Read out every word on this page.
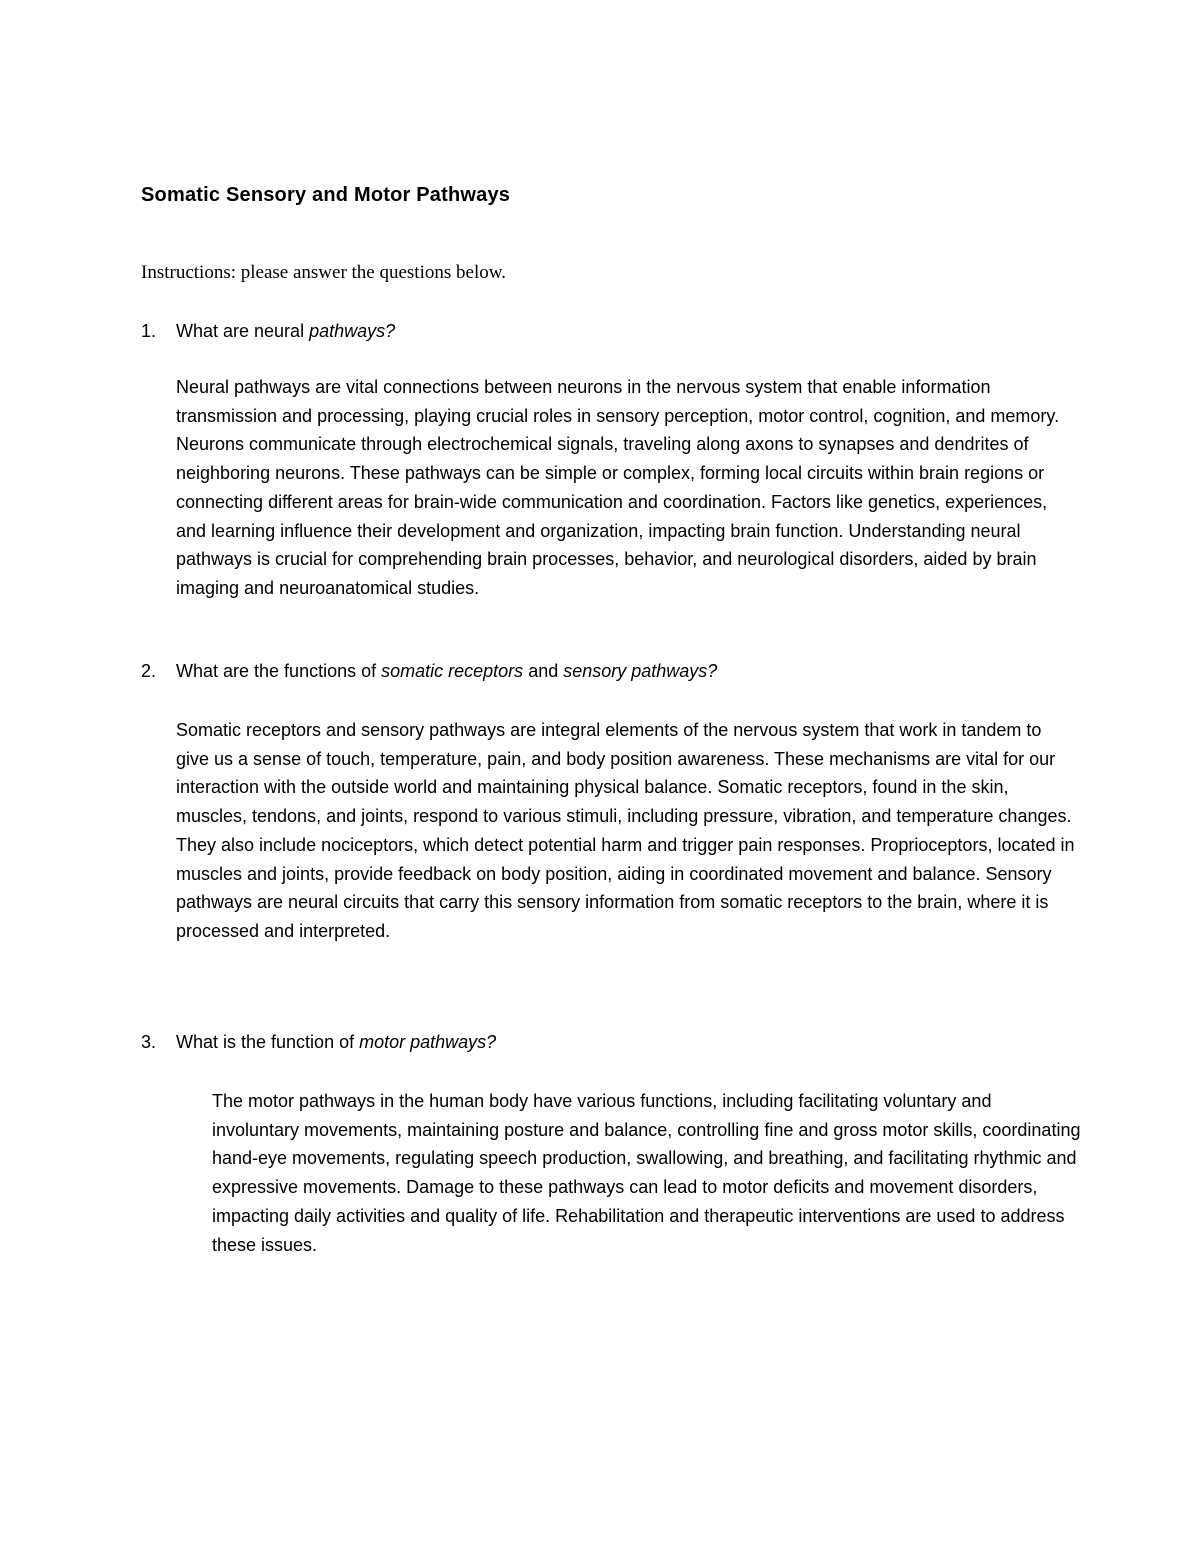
Somatic Sensory and Motor Pathways

Instructions: please answer the questions below.

1. What are neural pathways?

Neural pathways are vital connections between neurons in the nervous system that enable information transmission and processing, playing crucial roles in sensory perception, motor control, cognition, and memory. Neurons communicate through electrochemical signals, traveling along axons to synapses and dendrites of neighboring neurons. These pathways can be simple or complex, forming local circuits within brain regions or connecting different areas for brain-wide communication and coordination. Factors like genetics, experiences, and learning influence their development and organization, impacting brain function. Understanding neural pathways is crucial for comprehending brain processes, behavior, and neurological disorders, aided by brain imaging and neuroanatomical studies.

2. What are the functions of somatic receptors and sensory pathways?

Somatic receptors and sensory pathways are integral elements of the nervous system that work in tandem to give us a sense of touch, temperature, pain, and body position awareness. These mechanisms are vital for our interaction with the outside world and maintaining physical balance. Somatic receptors, found in the skin, muscles, tendons, and joints, respond to various stimuli, including pressure, vibration, and temperature changes. They also include nociceptors, which detect potential harm and trigger pain responses. Proprioceptors, located in muscles and joints, provide feedback on body position, aiding in coordinated movement and balance. Sensory pathways are neural circuits that carry this sensory information from somatic receptors to the brain, where it is processed and interpreted.

3. What is the function of motor pathways?

The motor pathways in the human body have various functions, including facilitating voluntary and involuntary movements, maintaining posture and balance, controlling fine and gross motor skills, coordinating hand-eye movements, regulating speech production, swallowing, and breathing, and facilitating rhythmic and expressive movements. Damage to these pathways can lead to motor deficits and movement disorders, impacting daily activities and quality of life. Rehabilitation and therapeutic interventions are used to address these issues.
